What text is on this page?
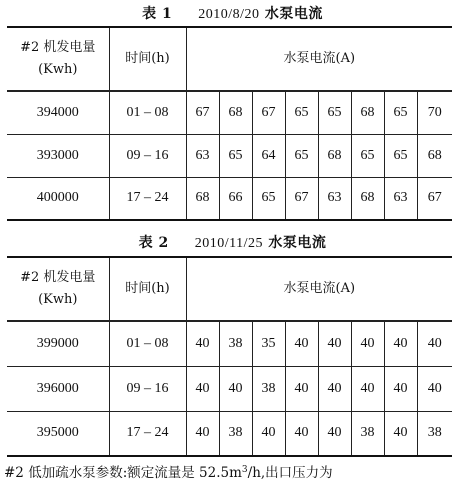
表 1 2010/8/20 水泵电流
#2 机发电量(Kwh)	时间(h)	水泵电流(A)							
394000	01 – 08	67	68	67	65	65	68	65	70
393000	09 – 16	63	65	64	65	68	65	65	68
400000	17 – 24	68	66	65	67	63	68	63	67
表 2 2010/11/25 水泵电流
#2 机发电量(Kwh)	时间(h)	水泵电流(A)							
399000	01 – 08	40	38	35	40	40	40	40	40
396000	09 – 16	40	40	38	40	40	40	40	40
395000	17 – 24	40	38	40	40	40	38	40	38
#2 低加疏水泵参数:额定流量是 $52.5m^3/h$,出口压力为
